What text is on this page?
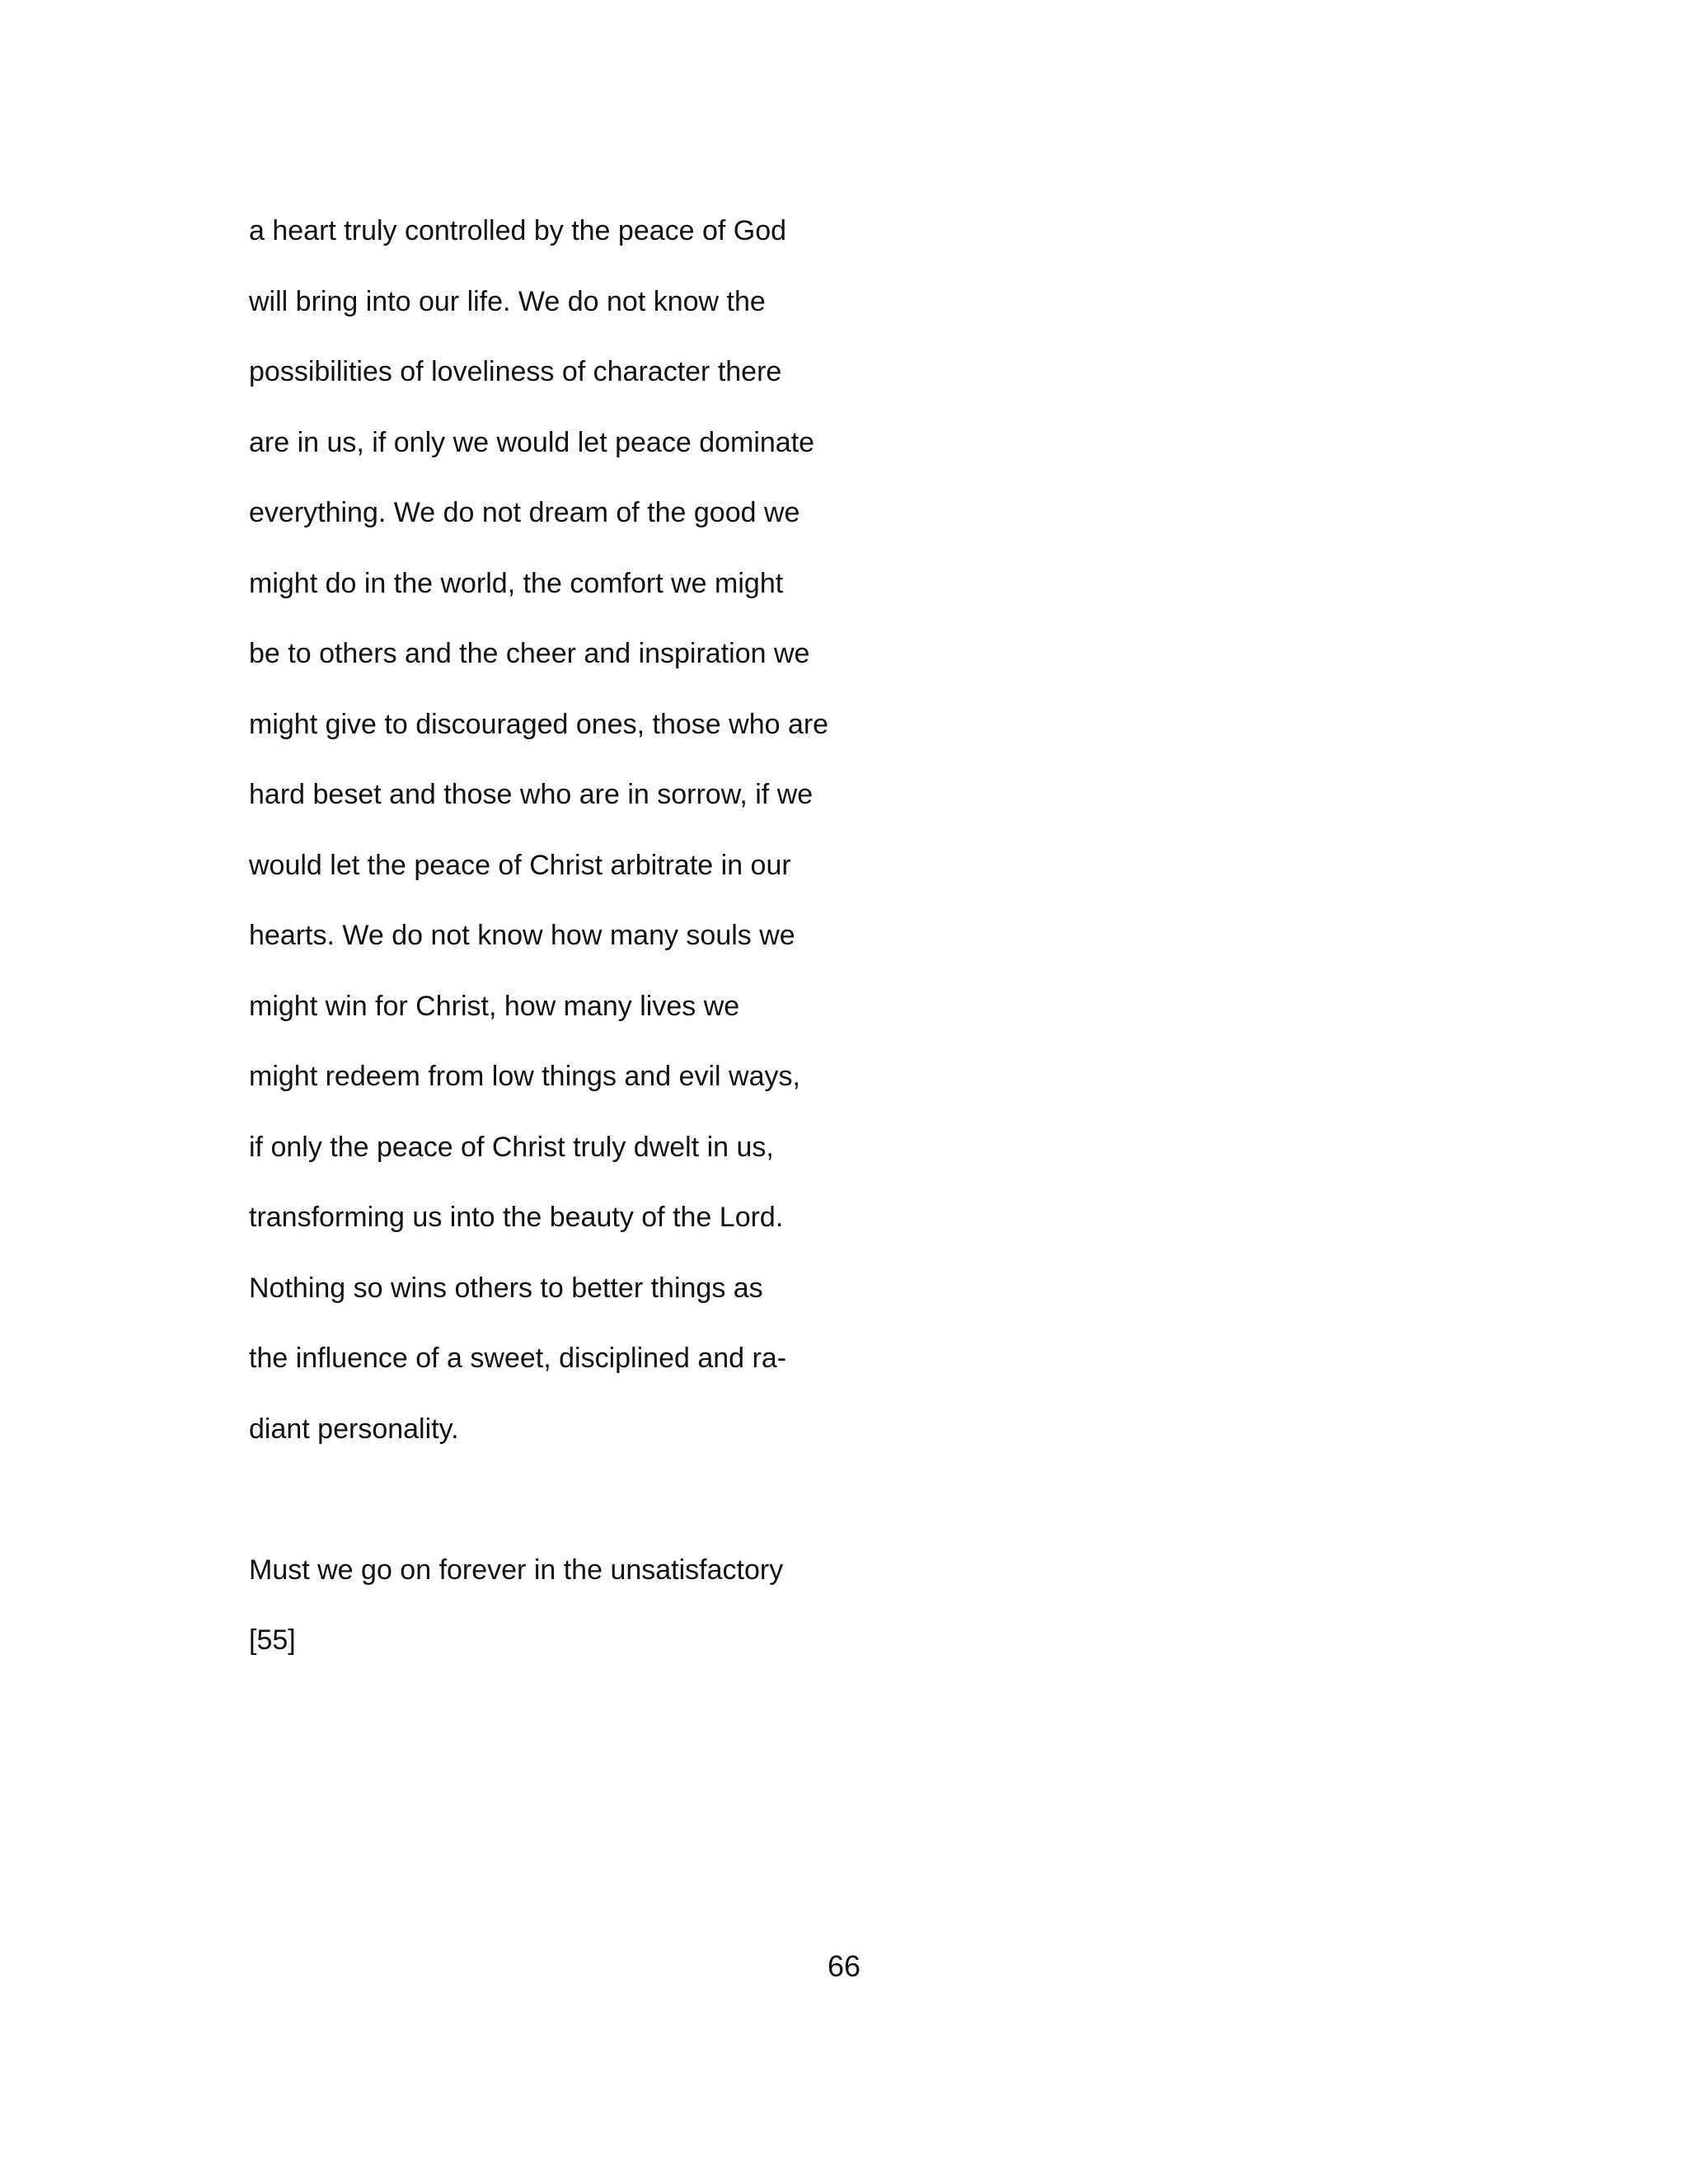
a heart truly controlled by the peace of God
will bring into our life. We do not know the
possibilities of loveliness of character there
are in us, if only we would let peace dominate
everything. We do not dream of the good we
might do in the world, the comfort we might
be to others and the cheer and inspiration we
might give to discouraged ones, those who are
hard beset and those who are in sorrow, if we
would let the peace of Christ arbitrate in our
hearts. We do not know how many souls we
might win for Christ, how many lives we
might redeem from low things and evil ways,
if only the peace of Christ truly dwelt in us,
transforming us into the beauty of the Lord.
Nothing so wins others to better things as
the influence of a sweet, disciplined and ra-
diant personality.
Must we go on forever in the unsatisfactory
[55]
66
